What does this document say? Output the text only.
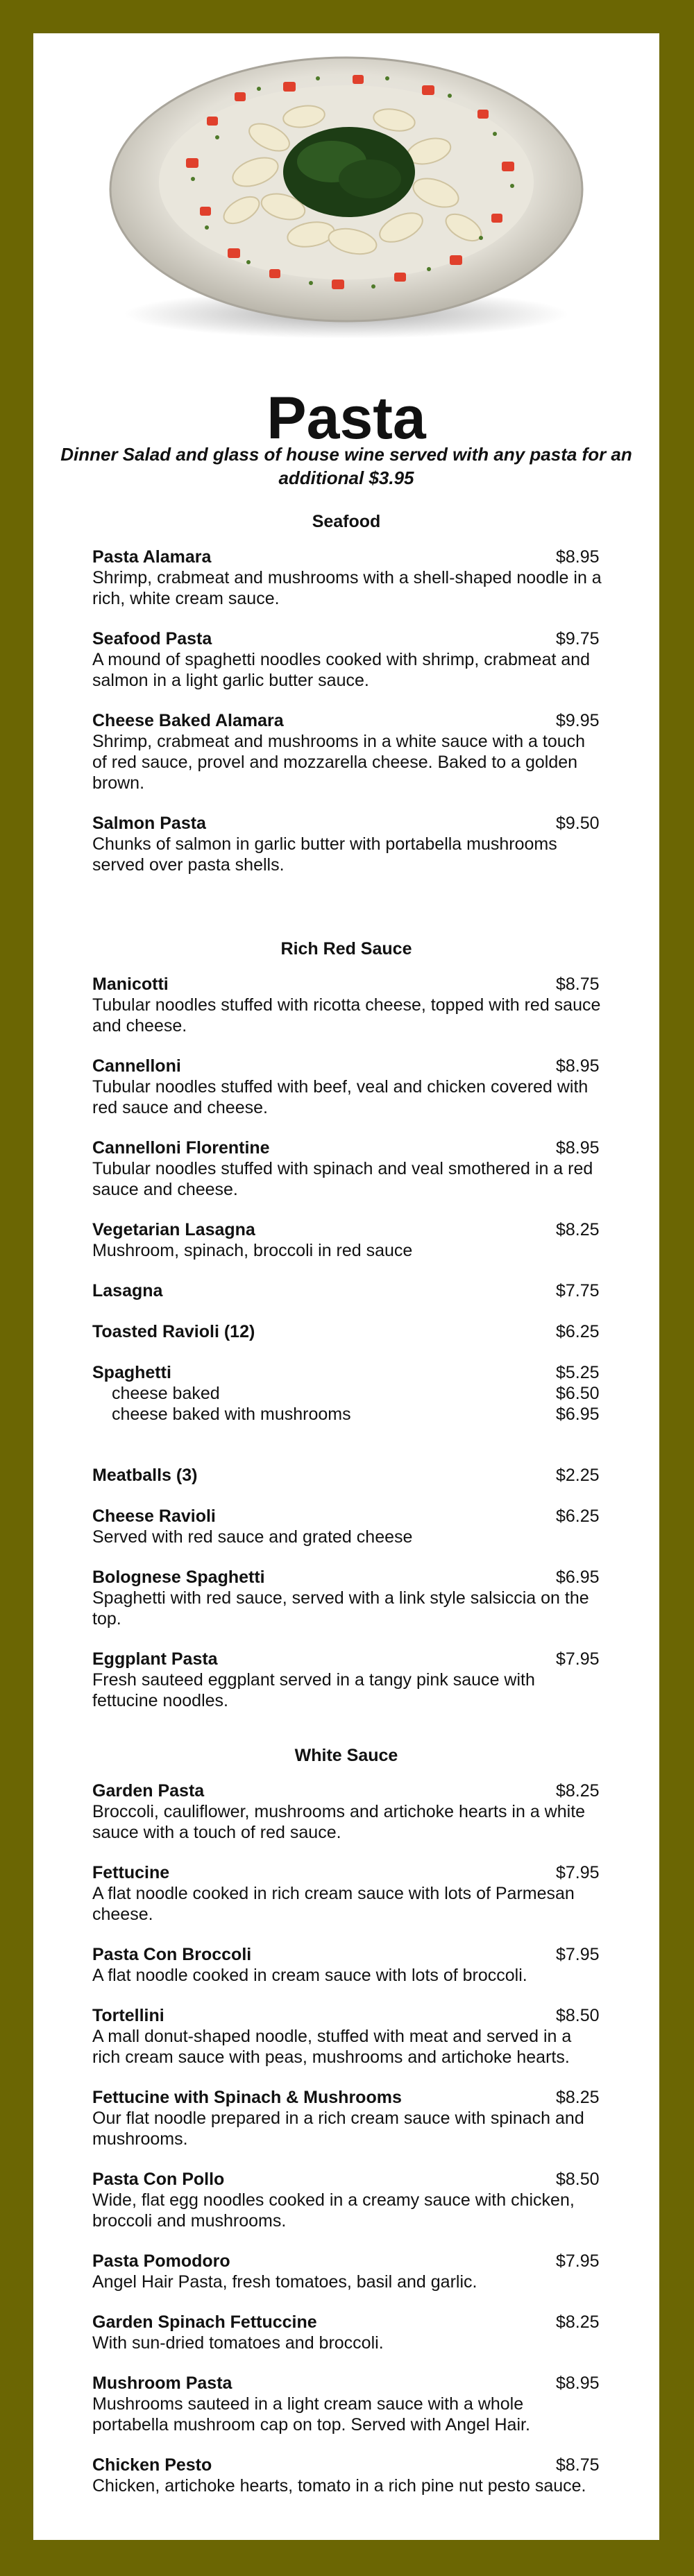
Pasta
Dinner Salad and glass of house wine served with any pasta for an additional $3.95
Seafood
Pasta Alamara	$8.95
Shrimp, crabmeat and mushrooms with a shell-shaped noodle in a rich, white cream sauce.
Seafood Pasta	$9.75
A mound of spaghetti noodles cooked with shrimp, crabmeat and salmon in a light garlic butter sauce.
Cheese Baked Alamara	$9.95
Shrimp, crabmeat and mushrooms in a white sauce with a touch of red sauce, provel and mozzarella cheese. Baked to a golden brown.
Salmon Pasta	$9.50
Chunks of salmon in garlic butter with portabella mushrooms served over pasta shells.
Rich Red Sauce
Manicotti	$8.75
Tubular noodles stuffed with ricotta cheese, topped with red sauce and cheese.
Cannelloni	$8.95
Tubular noodles stuffed with beef, veal and chicken covered with red sauce and cheese.
Cannelloni Florentine	$8.95
Tubular noodles stuffed with spinach and veal smothered in a red sauce and cheese.
Vegetarian Lasagna	$8.25
Mushroom, spinach, broccoli in red sauce
Lasagna	$7.75
Toasted Ravioli (12)	$6.25
Spaghetti	$5.25
cheese baked	$6.50
cheese baked with mushrooms	$6.95
Meatballs (3)	$2.25
Cheese Ravioli	$6.25
Served with red sauce and grated cheese
Bolognese Spaghetti	$6.95
Spaghetti with red sauce, served with a link style salsiccia on the top.
Eggplant Pasta	$7.95
Fresh sauteed eggplant served in a tangy pink sauce with fettucine noodles.
White Sauce
Garden Pasta	$8.25
Broccoli, cauliflower, mushrooms and artichoke hearts in a white sauce with a touch of red sauce.
Fettucine	$7.95
A flat noodle cooked in rich cream sauce with lots of Parmesan cheese.
Pasta Con Broccoli	$7.95
A flat noodle cooked in cream sauce with lots of broccoli.
Tortellini	$8.50
A mall donut-shaped noodle, stuffed with meat and served in a rich cream sauce with peas, mushrooms and artichoke hearts.
Fettucine with Spinach & Mushrooms	$8.25
Our flat noodle prepared in a rich cream sauce with spinach and mushrooms.
Pasta Con Pollo	$8.50
Wide, flat egg noodles cooked in a creamy sauce with chicken, broccoli and mushrooms.
Pasta Pomodoro	$7.95
Angel Hair Pasta, fresh tomatoes, basil and garlic.
Garden Spinach Fettuccine	$8.25
With sun-dried tomatoes and broccoli.
Mushroom Pasta	$8.95
Mushrooms sauteed in a light cream sauce with a whole portabella mushroom cap on top. Served with Angel Hair.
Chicken Pesto	$8.75
Chicken, artichoke hearts, tomato in a rich pine nut pesto sauce.
